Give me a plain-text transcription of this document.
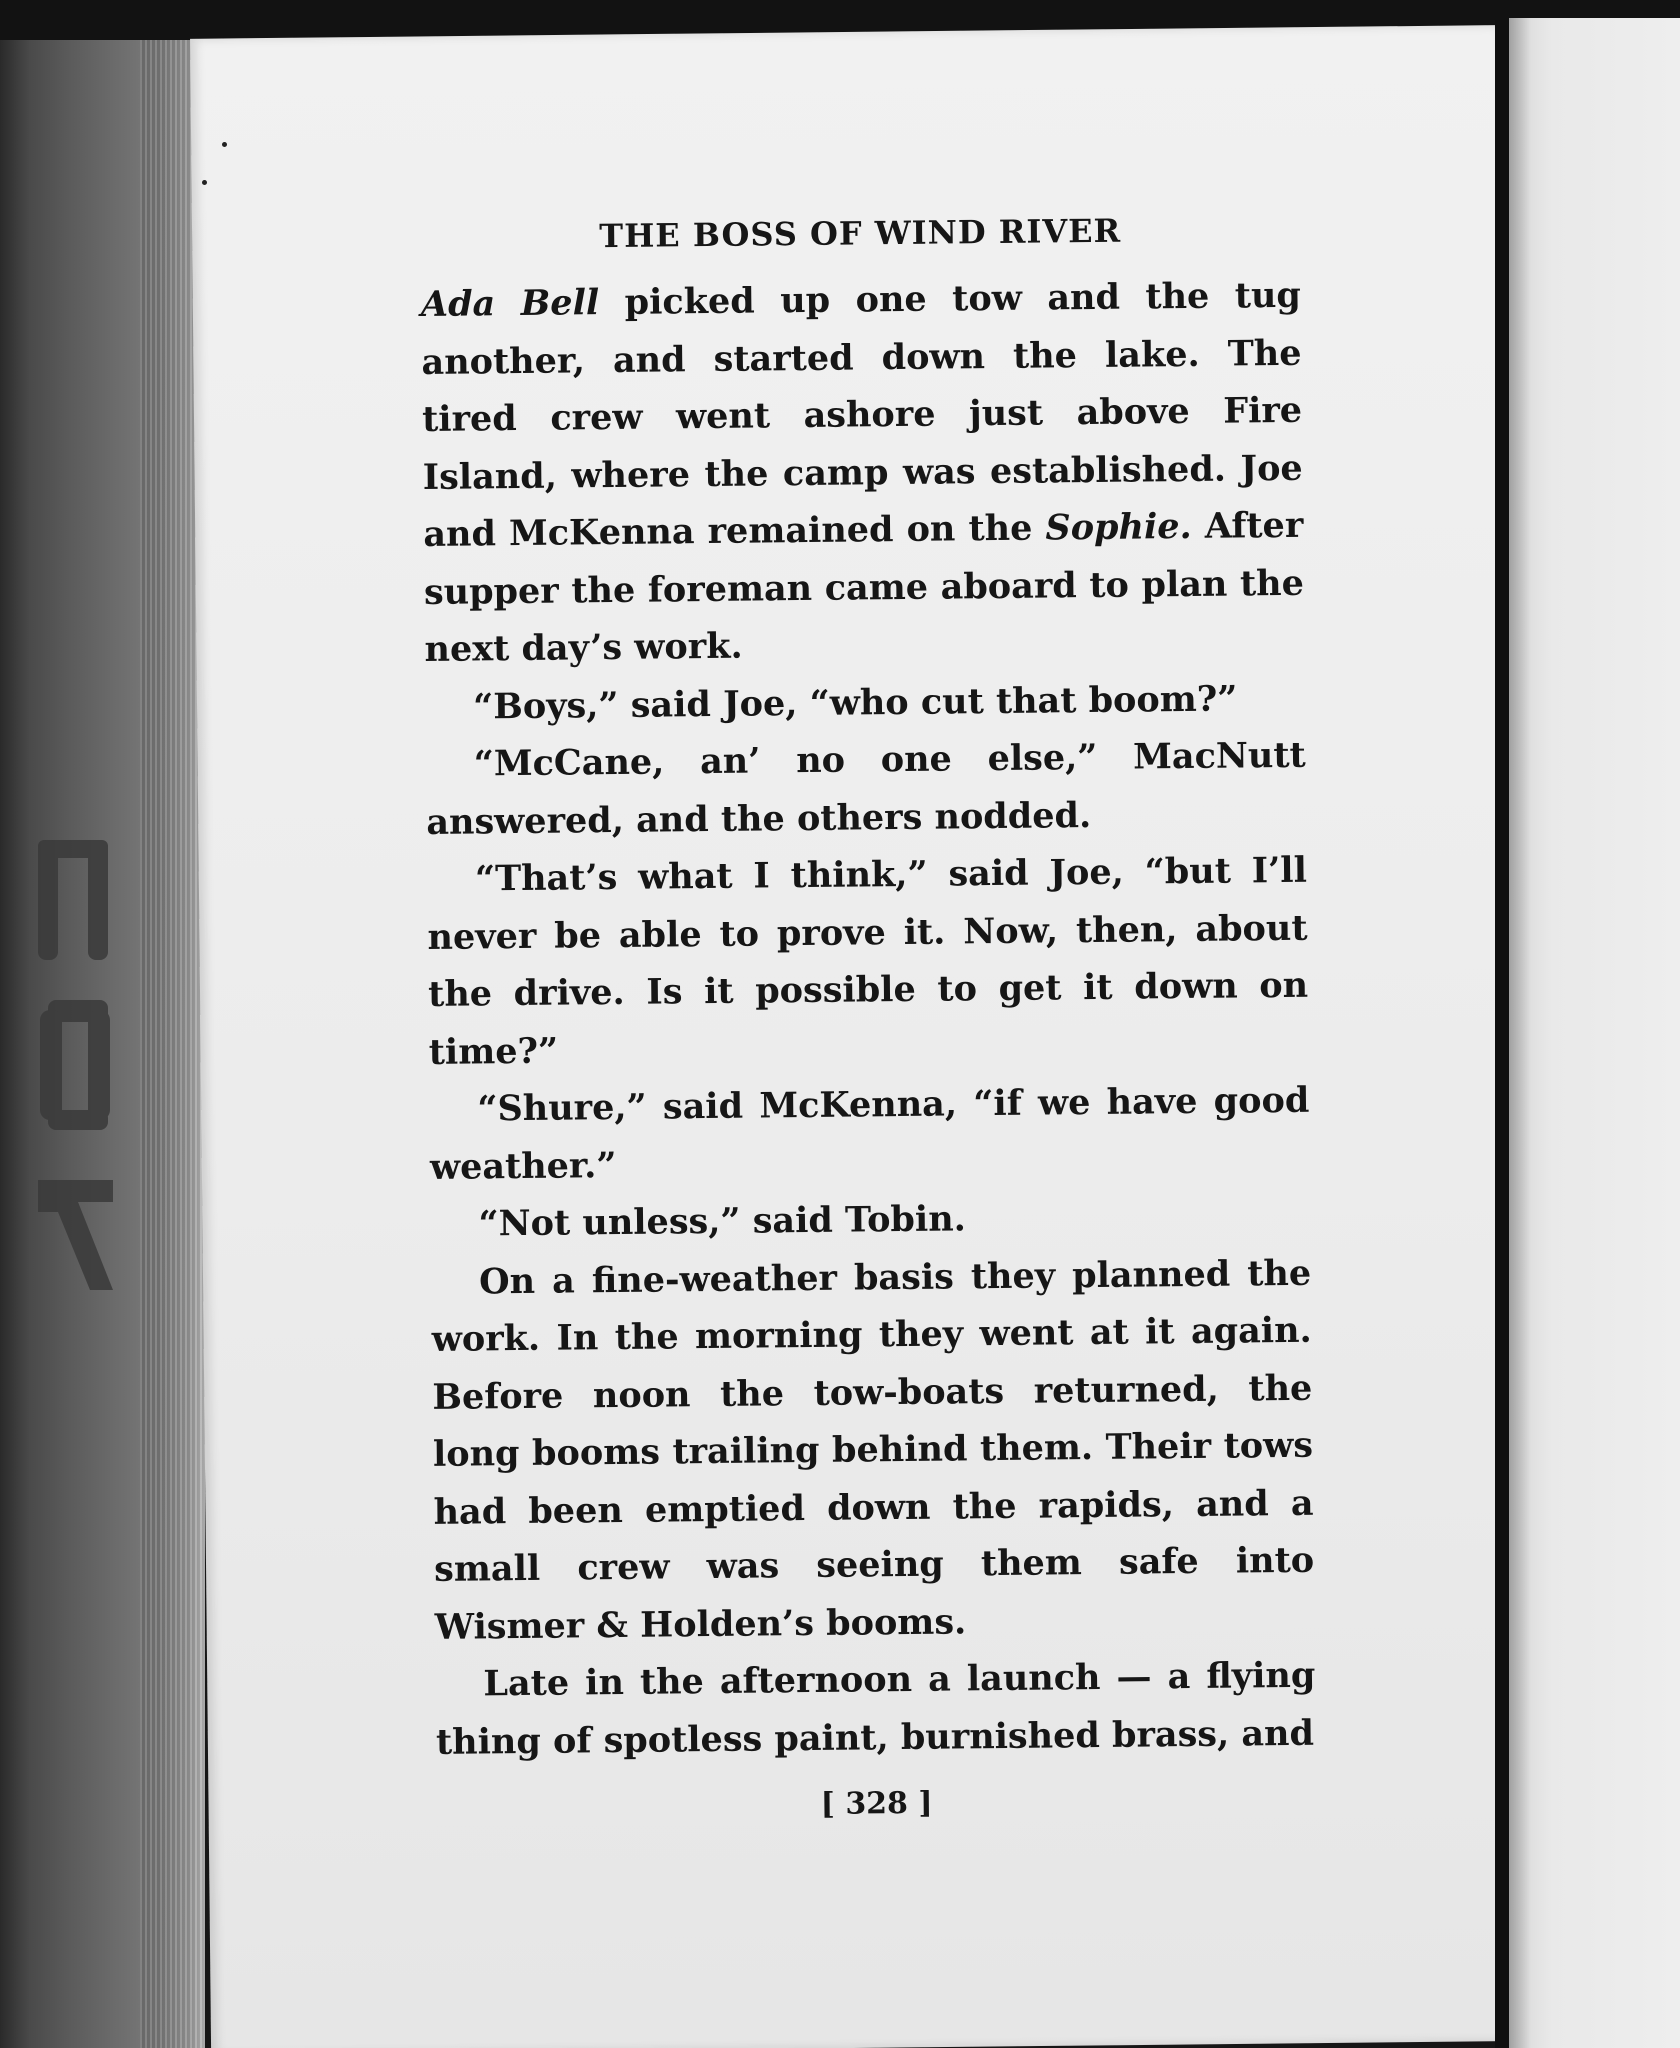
THE BOSS OF WIND RIVER

Ada Bell picked up one tow and the tug another, and started down the lake. The tired crew went ashore just above Fire Island, where the camp was established. Joe and McKenna remained on the Sophie. After supper the foreman came aboard to plan the next day’s work.

“Boys,” said Joe, “who cut that boom?”

“McCane, an’ no one else,” MacNutt answered, and the others nodded.

“That’s what I think,” said Joe, “but I’ll never be able to prove it. Now, then, about the drive. Is it possible to get it down on time?”

“Shure,” said McKenna, “if we have good weather.”

“Not unless,” said Tobin.

On a fine-weather basis they planned the work. In the morning they went at it again. Before noon the tow-boats returned, the long booms trailing behind them. Their tows had been emptied down the rapids, and a small crew was seeing them safe into Wismer & Holden’s booms.

Late in the afternoon a launch — a flying thing of spotless paint, burnished brass, and

[ 328 ]
